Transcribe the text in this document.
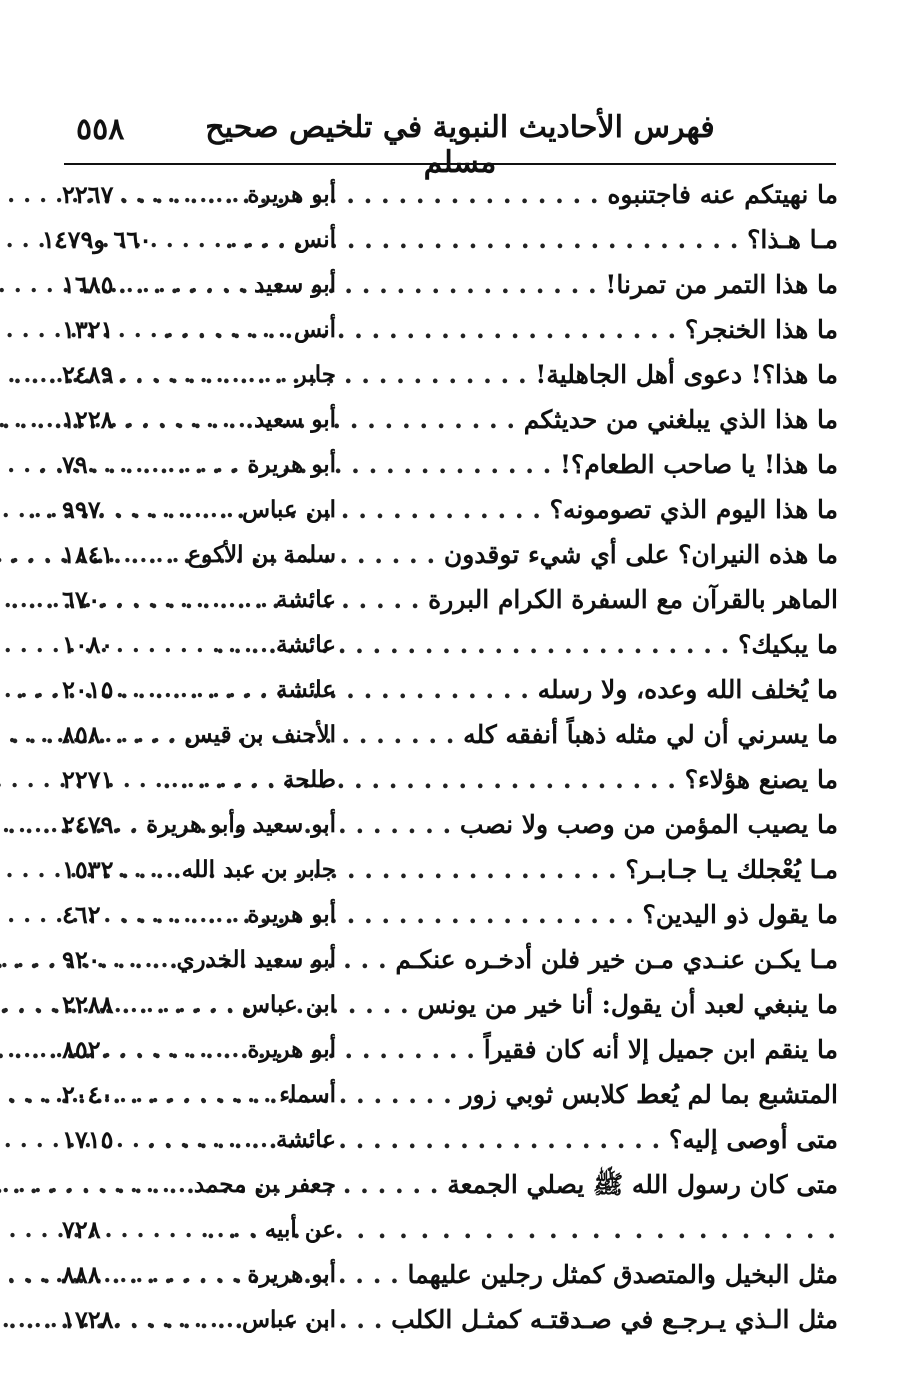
٥٥٨	فهرس الأحاديث النبوية في تلخيص صحيح مسلم
ما نهيتكم عنه فاجتنبوه . . .
أبو هريرة . . .
٢٢٦٧
مـا هـذا؟ . . .
أنس . . .
٦٦٠ و١٤٧٩
ما هذا التمر من تمرنا! . . .
أبو سعيد . . .
١٦٨٥
ما هذا الخنجر؟ . . .
أنس . . .
١٣٢١
ما هذا؟! دعوى أهل الجاهلية! . . .
جابر . . .
٢٤٨٩
ما هذا الذي يبلغني من حديثكم . . .
أبو سعيد . . .
١٢٢٨
ما هذا! يا صاحب الطعام؟! . . .
أبو هريرة . . .
٧٩
ما هذا اليوم الذي تصومونه؟ . . .
ابن عباس . . .
٩٩٧
ما هذه النيران؟ على أي شيء توقدون . . .
سلمة بن الأكوع . . .
١٨٤١
الماهر بالقرآن مع السفرة الكرام البررة . . .
عائشة . . .
٦٧٠
ما يبكيك؟ . . .
عائشة . . .
١٠٨٠
ما يُخلف الله وعده، ولا رسله . . .
عائشة . . .
٢٠١٥
ما يسرني أن لي مثله ذهباً أنفقه كله . . .
الأحنف بن قيس . . .
٨٥٨
ما يصنع هؤلاء؟ . . .
طلحة . . .
٢٢٧١
ما يصيب المؤمن من وصب ولا نصب . . .
أبو سعيد وأبو هريرة . . .
٢٤٧٩
مـا يُعْجلك يـا جـابـر؟ . . .
جابر بن عبد الله . . .
١٥٣٢
ما يقول ذو اليدين؟ . . .
أبو هريرة . . .
٤٦٢
مـا يكـن عنـدي مـن خير فلن أدخـره عنكـم . . .
أبو سعيد الخدري . . .
٩٢٠
ما ينبغي لعبد أن يقول: أنا خير من يونس . . .
ابن عباس . . .
٢٢٨٨
ما ينقم ابن جميل إلا أنه كان فقيراً . . .
أبو هريرة . . .
٨٥٢
المتشبع بما لم يُعط كلابس ثوبي زور . . .
أسماء . . .
٢٠٤٠
متى أوصى إليه؟ . . .
عائشة . . .
١٧١٥
متى كان رسول الله ﷺ يصلي الجمعة . . .
جعفر بن محمد . . .
. . .
عن أبيه . . .
٧٢٨
مثل البخيل والمتصدق كمثل رجلين عليهما . . .
أبو هريرة . . .
٨٨٨
مثل الـذي يـرجـع في صـدقتـه كمثـل الكلب . . .
ابن عباس . . .
١٧٢٨
